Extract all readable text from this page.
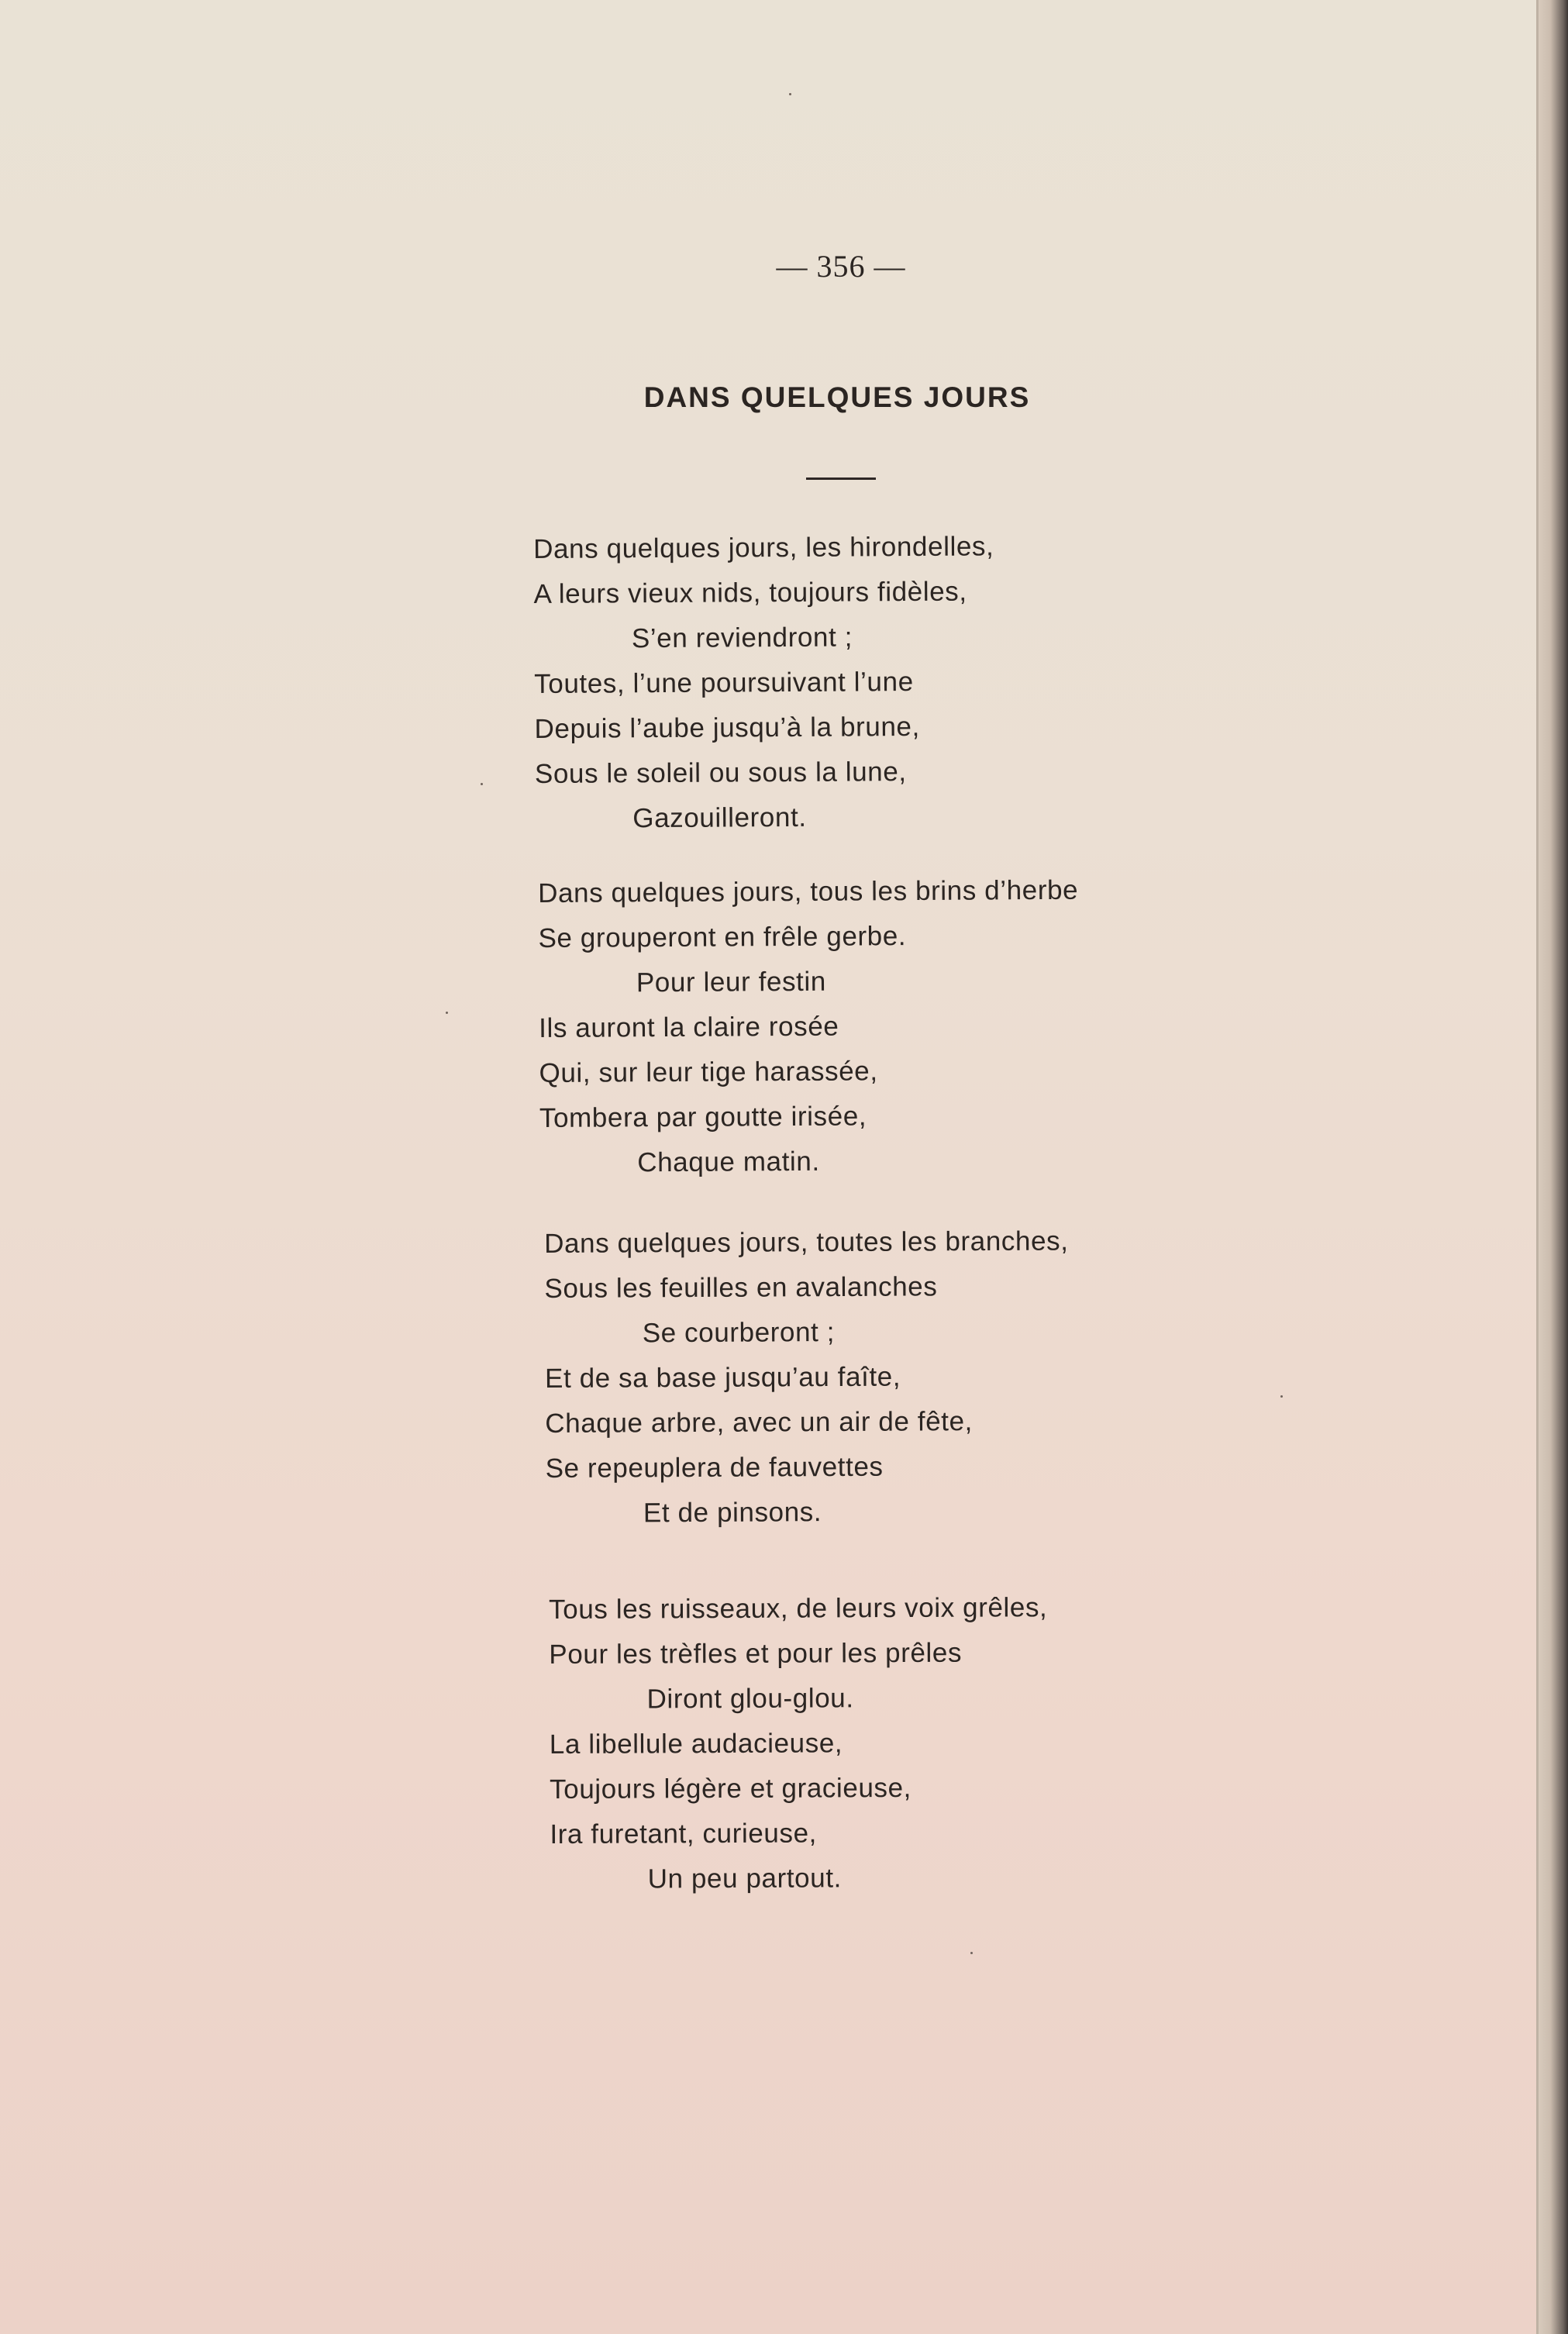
— 356 —
DANS QUELQUES JOURS
Dans quelques jours, les hirondelles,
A leurs vieux nids, toujours fidèles,
S’en reviendront ;
Toutes, l’une poursuivant l’une
Depuis l’aube jusqu’à la brune,
Sous le soleil ou sous la lune,
Gazouilleront.
Dans quelques jours, tous les brins d’herbe
Se grouperont en frêle gerbe.
Pour leur festin
Ils auront la claire rosée
Qui, sur leur tige harassée,
Tombera par goutte irisée,
Chaque matin.
Dans quelques jours, toutes les branches,
Sous les feuilles en avalanches
Se courberont ;
Et de sa base jusqu’au faîte,
Chaque arbre, avec un air de fête,
Se repeuplera de fauvettes
Et de pinsons.
Tous les ruisseaux, de leurs voix grêles,
Pour les trèfles et pour les prêles
Diront glou-glou.
La libellule audacieuse,
Toujours légère et gracieuse,
Ira furetant, curieuse,
Un peu partout.
